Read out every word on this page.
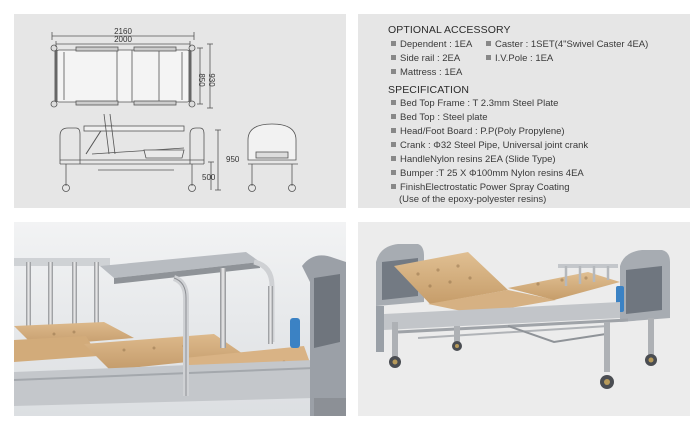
2160
2000
850 930
950
500
OPTIONAL ACCESSORY
Dependent : 1EA
Side rail : 2EA
Mattress : 1EA
Caster : 1SET(4"Swivel Caster 4EA)
I.V.Pole : 1EA
SPECIFICATION
Bed Top Frame : T 2.3mm Steel Plate
Bed Top : Steel plate
Head/Foot Board : P.P(Poly Propylene)
Crank : Φ32 Steel Pipe, Universal joint crank
HandleNylon resins 2EA (Slide Type)
Bumper :T 25 X Φ100mm Nylon resins 4EA
FinishElectrostatic Power Spray Coating
(Use of the epoxy-polyester resins)
